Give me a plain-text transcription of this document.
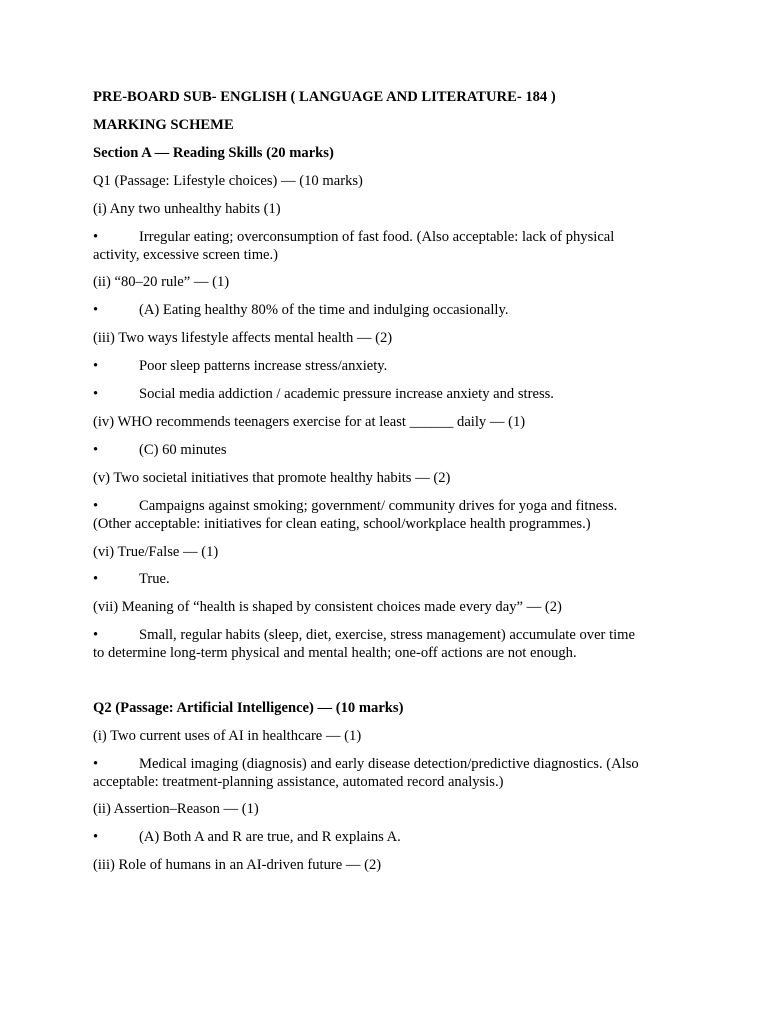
PRE-BOARD SUB- ENGLISH ( LANGUAGE AND LITERATURE- 184 )
MARKING SCHEME
Section A — Reading Skills (20 marks)
Q1 (Passage: Lifestyle choices) — (10 marks)
(i) Any two unhealthy habits (1)
•	Irregular eating; overconsumption of fast food. (Also acceptable: lack of physical
activity, excessive screen time.)
(ii) “80–20 rule” — (1)
•	(A) Eating healthy 80% of the time and indulging occasionally.
(iii) Two ways lifestyle affects mental health — (2)
•	Poor sleep patterns increase stress/anxiety.
•	Social media addiction / academic pressure increase anxiety and stress.
(iv) WHO recommends teenagers exercise for at least ______ daily — (1)
•	(C) 60 minutes
(v) Two societal initiatives that promote healthy habits — (2)
•	Campaigns against smoking; government/ community drives for yoga and fitness.
(Other acceptable: initiatives for clean eating, school/workplace health programmes.)
(vi) True/False — (1)
•	True.
(vii) Meaning of “health is shaped by consistent choices made every day” — (2)
•	Small, regular habits (sleep, diet, exercise, stress management) accumulate over time
to determine long-term physical and mental health; one-off actions are not enough.
Q2 (Passage: Artificial Intelligence) — (10 marks)
(i) Two current uses of AI in healthcare — (1)
•	Medical imaging (diagnosis) and early disease detection/predictive diagnostics. (Also
acceptable: treatment-planning assistance, automated record analysis.)
(ii) Assertion–Reason — (1)
•	(A) Both A and R are true, and R explains A.
(iii) Role of humans in an AI-driven future — (2)
